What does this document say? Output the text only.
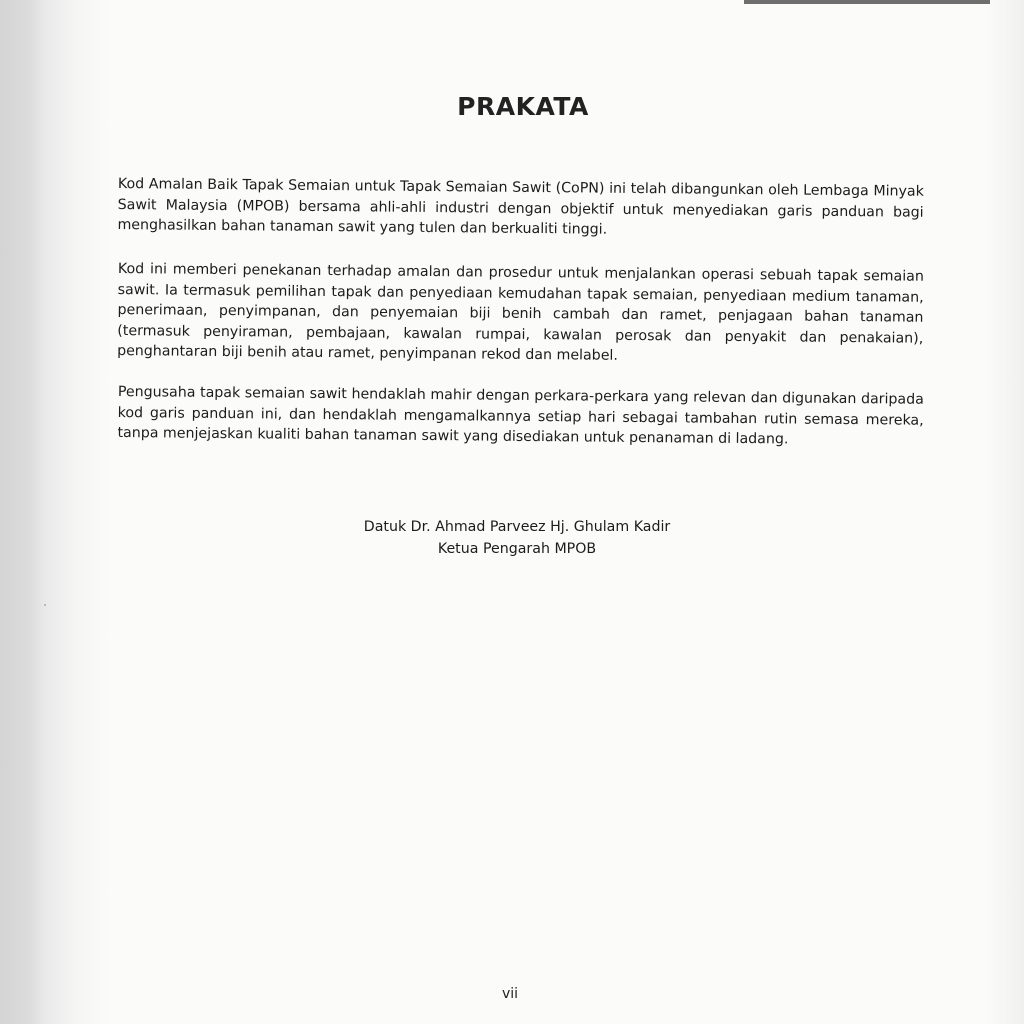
PRAKATA

Kod Amalan Baik Tapak Semaian untuk Tapak Semaian Sawit (CoPN) ini telah dibangunkan oleh Lembaga Minyak Sawit Malaysia (MPOB) bersama ahli-ahli industri dengan objektif untuk menyediakan garis panduan bagi menghasilkan bahan tanaman sawit yang tulen dan berkualiti tinggi.

Kod ini memberi penekanan terhadap amalan dan prosedur untuk menjalankan operasi sebuah tapak semaian sawit. Ia termasuk pemilihan tapak dan penyediaan kemudahan tapak semaian, penyediaan medium tanaman, penerimaan, penyimpanan, dan penyemaian biji benih cambah dan ramet, penjagaan bahan tanaman (termasuk penyiraman, pembajaan, kawalan rumpai, kawalan perosak dan penyakit dan penakaian), penghantaran biji benih atau ramet, penyimpanan rekod dan melabel.

Pengusaha tapak semaian sawit hendaklah mahir dengan perkara-perkara yang relevan dan digunakan daripada kod garis panduan ini, dan hendaklah mengamalkannya setiap hari sebagai tambahan rutin semasa mereka, tanpa menjejaskan kualiti bahan tanaman sawit yang disediakan untuk penanaman di ladang.

Datuk Dr. Ahmad Parveez Hj. Ghulam Kadir
Ketua Pengarah MPOB
vii
